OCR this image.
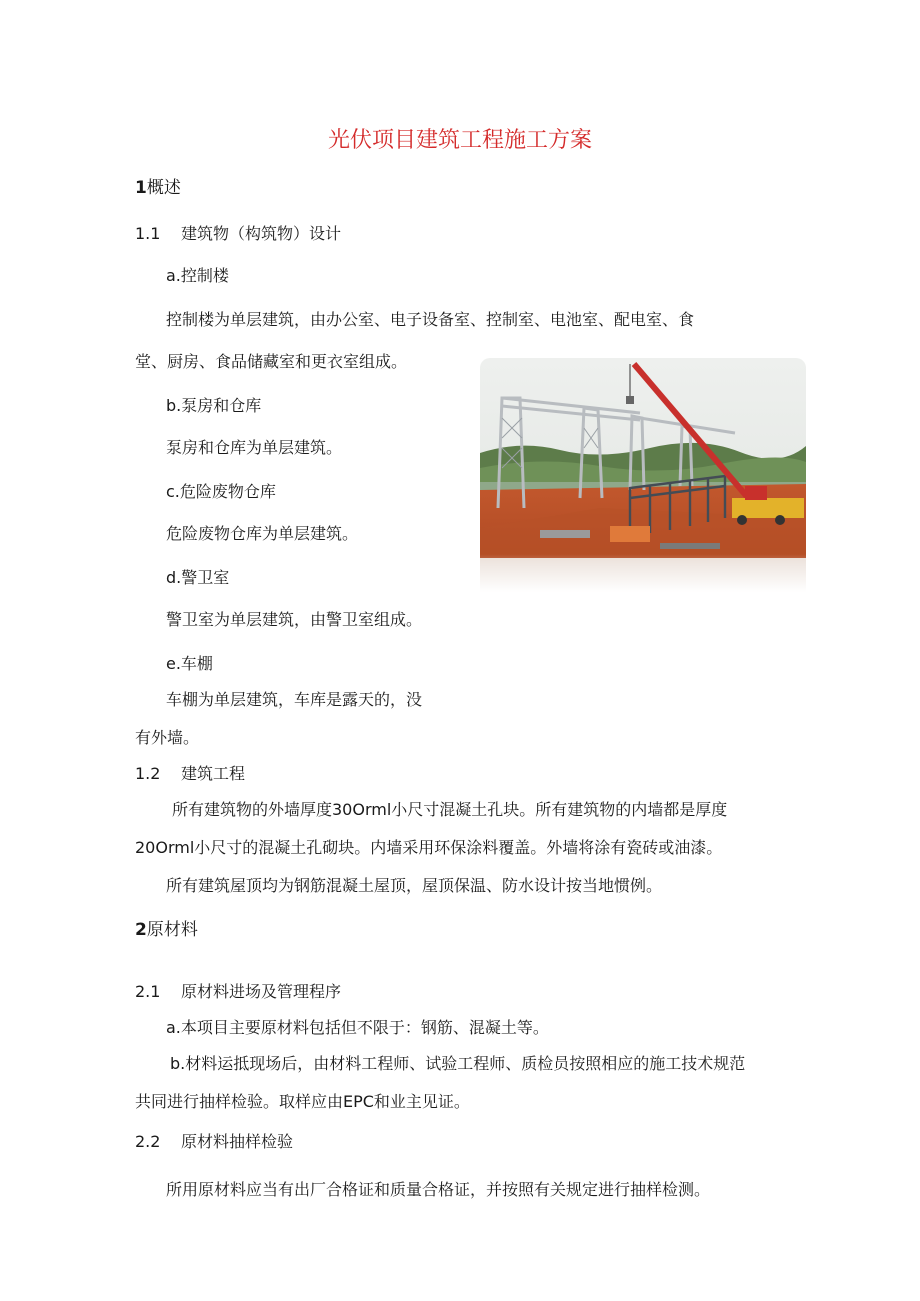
光伏项目建筑工程施工方案
1概述
1.1 建筑物（构筑物）设计
a.控制楼
控制楼为单层建筑，由办公室、电子设备室、控制室、电池室、配电室、食
堂、厨房、食品储藏室和更衣室组成。
b.泵房和仓库
泵房和仓库为单层建筑。
c.危险废物仓库
危险废物仓库为单层建筑。
d.警卫室
警卫室为单层建筑，由警卫室组成。
e.车棚
车棚为单层建筑，车库是露天的，没
有外墙。
1.2 建筑工程
所有建筑物的外墙厚度30Orml小尺寸混凝土孔块。所有建筑物的内墙都是厚度
20Orml小尺寸的混凝土孔砌块。内墙采用环保涂料覆盖。外墙将涂有瓷砖或油漆。
所有建筑屋顶均为钢筋混凝土屋顶，屋顶保温、防水设计按当地惯例。
2原材料
2.1 原材料进场及管理程序
a.本项目主要原材料包括但不限于：钢筋、混凝土等。
b.材料运抵现场后，由材料工程师、试验工程师、质检员按照相应的施工技术规范
共同进行抽样检验。取样应由EPC和业主见证。
2.2 原材料抽样检验
所用原材料应当有出厂合格证和质量合格证，并按照有关规定进行抽样检测。
